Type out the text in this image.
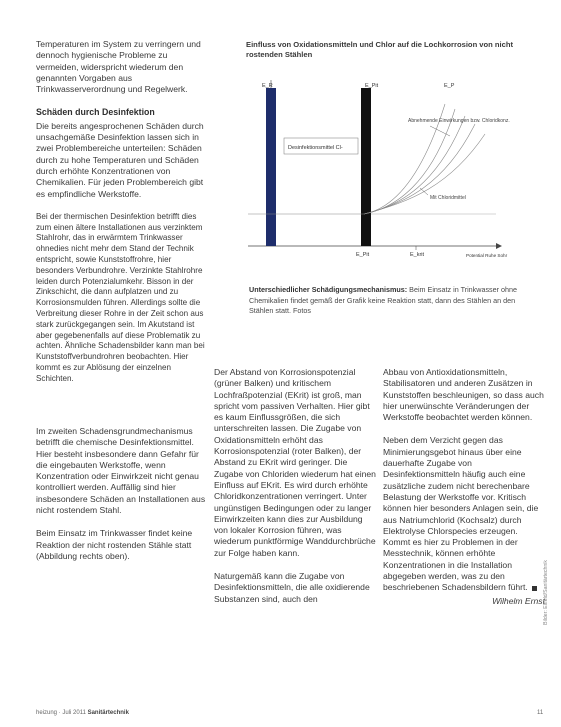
Temperaturen im System zu verringern und dennoch hygienische Probleme zu vermeiden, widerspricht wiederum den genannten Vorgaben aus Trinkwasserverordnung und Regelwerk.

Schäden durch Desinfektion

Die bereits angesprochenen Schäden durch unsachgemäße Desinfektion lassen sich in zwei Problembereiche unterteilen: Schäden durch zu hohe Temperaturen und Schäden durch erhöhte Konzentrationen von Chemikalien. Für jeden Problembereich gibt es empfindliche Werkstoffe.

Bei der thermischen Desinfektion betrifft dies zum einen ältere Installationen aus verzinktem Stahlrohr, das in erwärmtem Trinkwasser ohnedies nicht mehr dem Stand der Technik entspricht, sowie Kunststoffrohre, hier besonders Verbundrohre. Verzinkte Stahlrohre leiden durch Potenzialumkehr. Bisson in der Zinkschicht, die dann aufplatzen und zu Korrosionsmulden führen. Allerdings sollte die Verbreitung dieser Rohre in der Zeit schon aus stark zurückgegangen sein. Im Akutstand ist aber gegebenenfalls auf diese Problematik zu achten. Ähnliche Schadensbilder kann man bei Kunststoffverbundrohren beobachten. Hier kommt es zur Ablösung der einzelnen Schichten.

Im zweiten Schadensgrundmechanismus betrifft die chemische Desinfektionsmittel. Hier besteht insbesondere dann Gefahr für die eingebauten Werkstoffe, wenn Konzentration oder Einwirkzeit nicht genau kontrolliert werden. Auffällig sind hier insbesondere Schäden an Installationen aus nicht rostendem Stahl.

Beim Einsatz im Trinkwasser findet keine Reaktion der nicht rostenden Stähle statt (Abbildung rechts oben).

Einfluss von Oxidationsmitteln und Chlor auf die Lochkorrosion von nicht rostenden Stählen
Desinfektionsmittel Cl-
E_R	E_Pit	E_P
Abnehmende Einwirkungen bzw. Chloridkonz.
Mit Chloridmittel
E_Pit	E_krit	Potential Ruhe Sohr
Unterschiedlicher Schädigungsmechanismus: Beim Einsatz in Trinkwasser ohne Chemikalien findet gemäß der Grafik keine Reaktion statt, dann des Stählen an den Stählen statt. Fotos

Der Abstand von Korrosionspotenzial (grüner Balken) und kritischem Lochfraßpotenzial (EKrit) ist groß, man spricht vom passiven Verhalten. Hier gibt es kaum Einflussgrößen, die sich unterschreiten lassen. Die Zugabe von Oxidationsmitteln erhöht das Korrosionspotenzial (roter Balken), der Abstand zu EKrit wird geringer. Die Zugabe von Chloriden wiederum hat einen Einfluss auf EKrit. Es wird durch erhöhte Chloridkonzentrationen verringert. Unter ungünstigen Bedingungen oder zu langer Einwirkzeiten kann dies zur Ausbildung von lokaler Korrosion führen, was wiederum punktförmige Wanddurchbrüche zur Folge haben kann.

Naturgemäß kann die Zugabe von Desinfektionsmitteln, die alle oxidierende Substanzen sind, auch den

Abbau von Antioxidationsmitteln, Stabilisatoren und anderen Zusätzen in Kunststoffen beschleunigen, so dass auch hier unerwünschte Veränderungen der Werkstoffe beobachtet werden können.

Neben dem Verzicht gegen das Minimierungsgebot hinaus über eine dauerhafte Zugabe von Desinfektionsmitteln häufig auch eine zusätzliche zudem nicht berechenbare Belastung der Werkstoffe vor. Kritisch können hier besonders Anlagen sein, die aus Natriumchlorid (Kochsalz) durch Elektrolyse Chlorspecies erzeugen. Kommt es hier zu Problemen in der Messtechnik, können erhöhte Konzentrationen in die Installation abgegeben werden, was zu den beschriebenen Schadensbildern führt.

Wilhelm Ernst
Bilder: Eltfeld/Sanitärtechnik
heizung · Juli 2011 Sanitärtechnik	11
